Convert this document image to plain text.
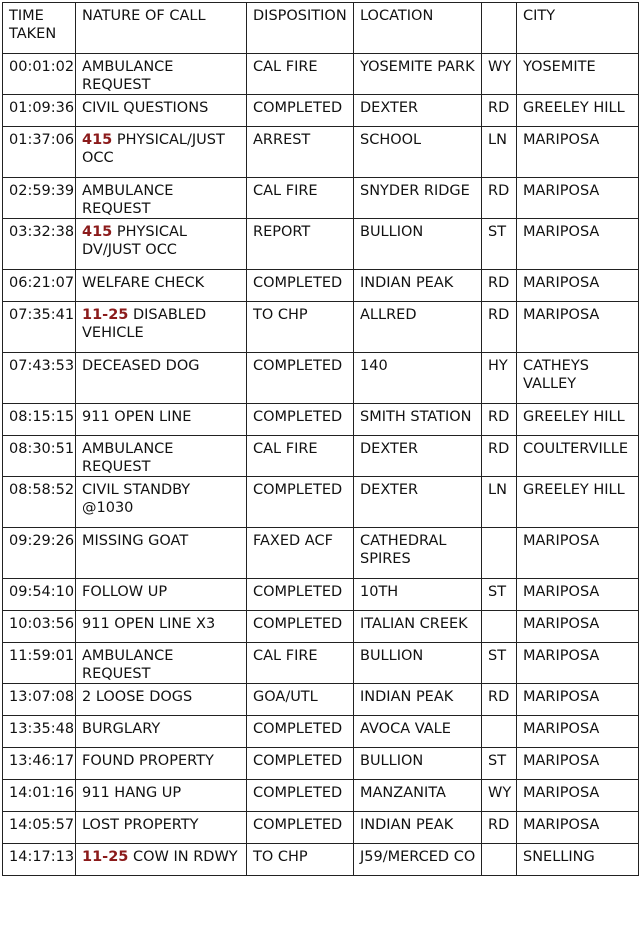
TIME TAKEN	NATURE OF CALL	DISPOSITION	LOCATION		CITY
00:01:02	AMBULANCE REQUEST	CAL FIRE	YOSEMITE PARK	WY	YOSEMITE
01:09:36	CIVIL QUESTIONS	COMPLETED	DEXTER	RD	GREELEY HILL
01:37:06	415 PHYSICAL/JUST OCC	ARREST	SCHOOL	LN	MARIPOSA
02:59:39	AMBULANCE REQUEST	CAL FIRE	SNYDER RIDGE	RD	MARIPOSA
03:32:38	415 PHYSICAL DV/JUST OCC	REPORT	BULLION	ST	MARIPOSA
06:21:07	WELFARE CHECK	COMPLETED	INDIAN PEAK	RD	MARIPOSA
07:35:41	11-25 DISABLED VEHICLE	TO CHP	ALLRED	RD	MARIPOSA
07:43:53	DECEASED DOG	COMPLETED	140	HY	CATHEYS VALLEY
08:15:15	911 OPEN LINE	COMPLETED	SMITH STATION	RD	GREELEY HILL
08:30:51	AMBULANCE REQUEST	CAL FIRE	DEXTER	RD	COULTERVILLE
08:58:52	CIVIL STANDBY @1030	COMPLETED	DEXTER	LN	GREELEY HILL
09:29:26	MISSING GOAT	FAXED ACF	CATHEDRAL SPIRES		MARIPOSA
09:54:10	FOLLOW UP	COMPLETED	10TH	ST	MARIPOSA
10:03:56	911 OPEN LINE X3	COMPLETED	ITALIAN CREEK		MARIPOSA
11:59:01	AMBULANCE REQUEST	CAL FIRE	BULLION	ST	MARIPOSA
13:07:08	2 LOOSE DOGS	GOA/UTL	INDIAN PEAK	RD	MARIPOSA
13:35:48	BURGLARY	COMPLETED	AVOCA VALE		MARIPOSA
13:46:17	FOUND PROPERTY	COMPLETED	BULLION	ST	MARIPOSA
14:01:16	911 HANG UP	COMPLETED	MANZANITA	WY	MARIPOSA
14:05:57	LOST PROPERTY	COMPLETED	INDIAN PEAK	RD	MARIPOSA
14:17:13	11-25 COW IN RDWY	TO CHP	J59/MERCED CO		SNELLING
